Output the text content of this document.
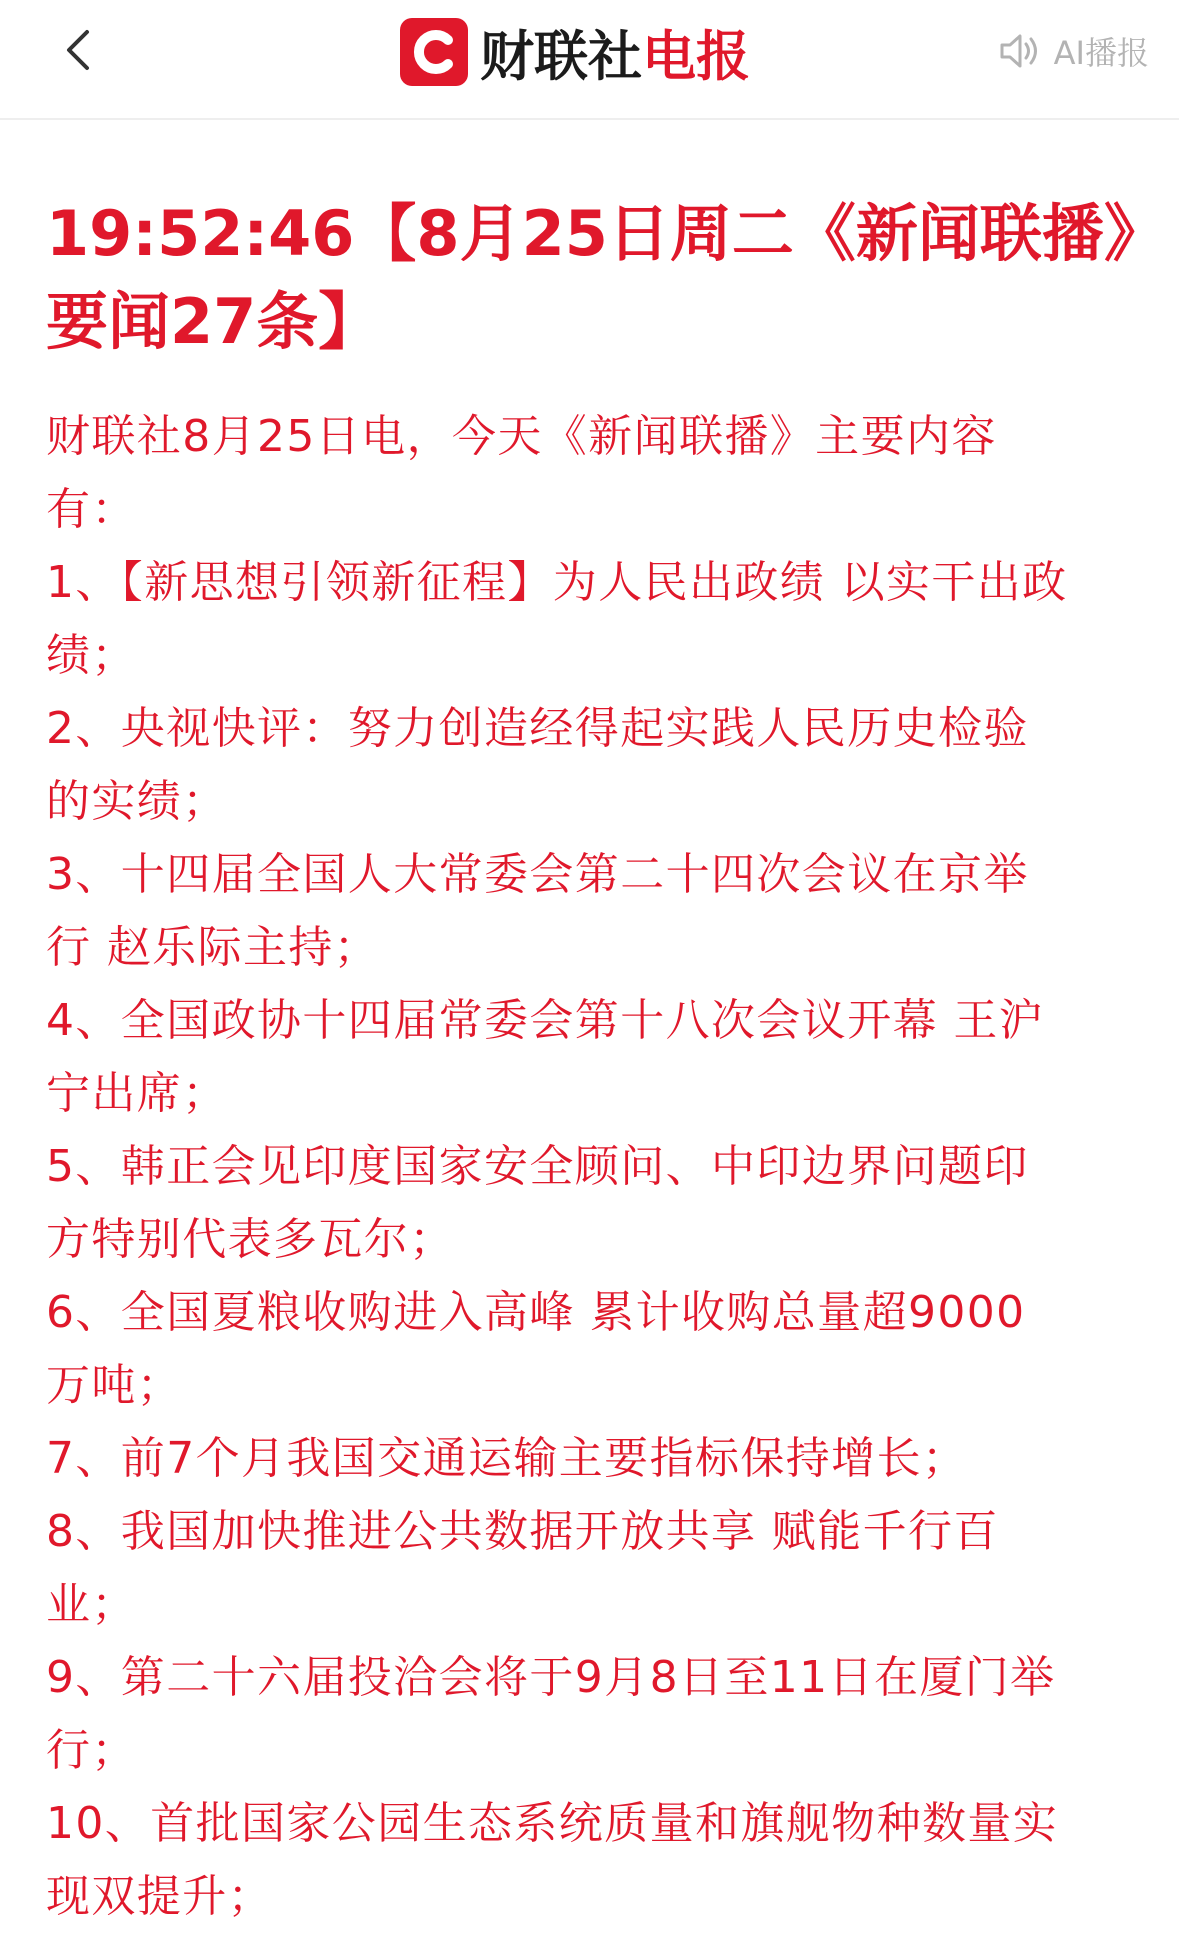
财联社 电报	AI播报
19:52:46【8月25日周二《新闻联播》
要闻27条】

财联社8月25日电，今天《新闻联播》主要内容

有：

1、【新思想引领新征程】为人民出政绩 以实干出政

绩；

2、央视快评：努力创造经得起实践人民历史检验

的实绩；

3、十四届全国人大常委会第二十四次会议在京举

行 赵乐际主持；

4、全国政协十四届常委会第十八次会议开幕 王沪

宁出席；

5、韩正会见印度国家安全顾问、中印边界问题印

方特别代表多瓦尔；

6、全国夏粮收购进入高峰 累计收购总量超9000

万吨；

7、前7个月我国交通运输主要指标保持增长；

8、我国加快推进公共数据开放共享 赋能千行百

业；

9、第二十六届投洽会将于9月8日至11日在厦门举

行；

10、首批国家公园生态系统质量和旗舰物种数量实

现双提升；
